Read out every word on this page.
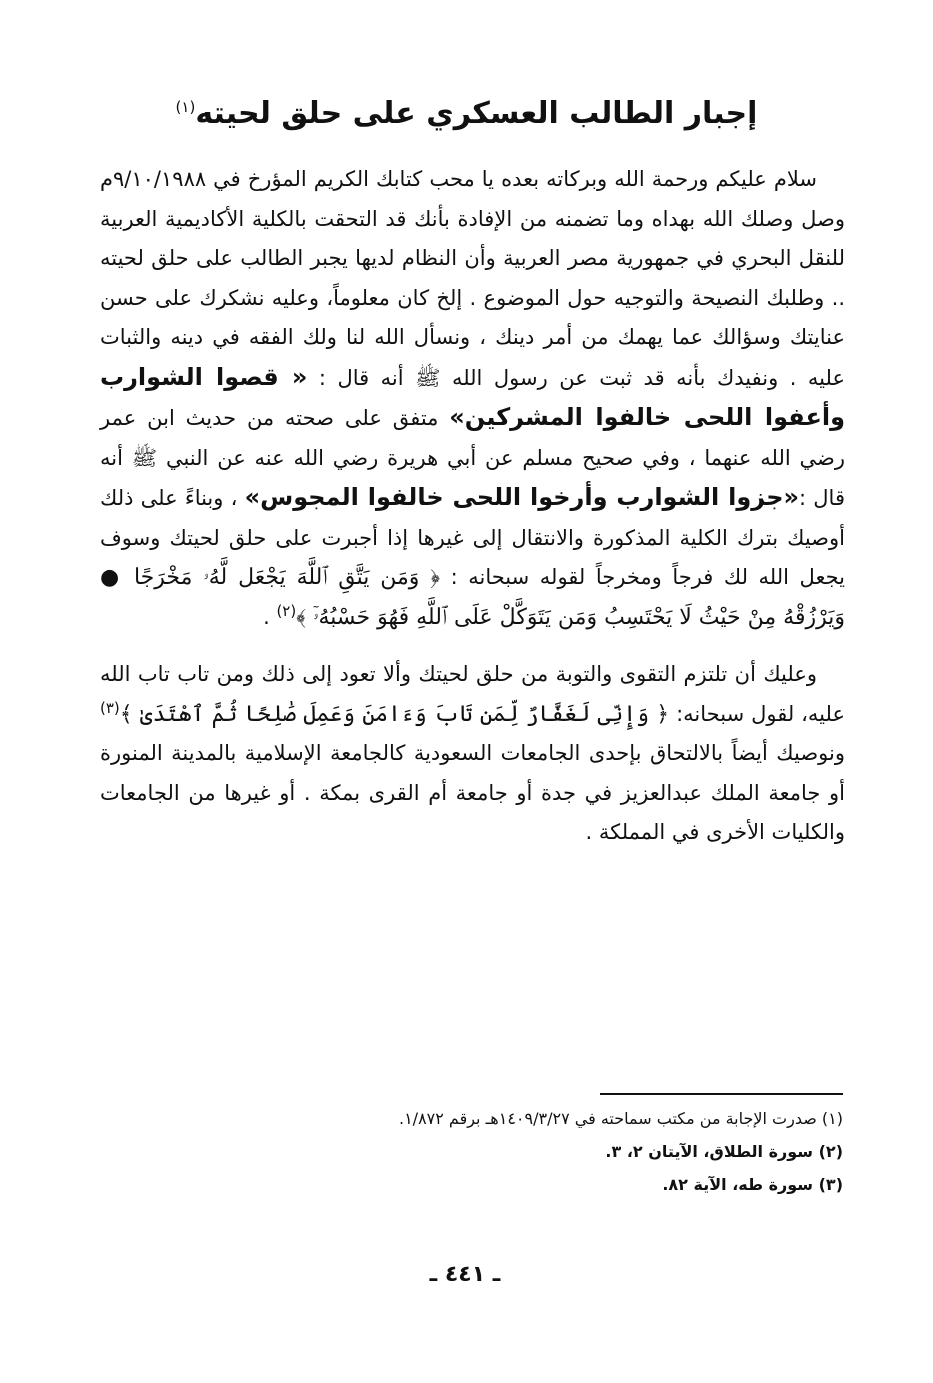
إجبار الطالب العسكري على حلق لحيته$^{(١)}$

سلام عليكم ورحمة الله وبركاته بعده يا محب كتابك الكريم المؤرخ في ٩/١٠/١٩٨٨م وصل وصلك الله بهداه وما تضمنه من الإفادة بأنك قد التحقت بالكلية الأكاديمية العربية للنقل البحري في جمهورية مصر العربية وأن النظام لديها يجبر الطالب على حلق لحيته .. وطلبك النصيحة والتوجيه حول الموضوع . إلخ كان معلوماً، وعليه نشكرك على حسن عنايتك وسؤالك عما يهمك من أمر دينك ، ونسأل الله لنا ولك الفقه في دينه والثبات عليه . ونفيدك بأنه قد ثبت عن رسول الله ﷺ أنه قال : « قصوا الشوارب وأعفوا اللحى خالفوا المشركين» متفق على صحته من حديث ابن عمر رضي الله عنهما ، وفي صحيح مسلم عن أبي هريرة رضي الله عنه عن النبي ﷺ أنه قال :«جزوا الشوارب وأرخوا اللحى خالفوا المجوس» ، وبناءً على ذلك أوصيك بترك الكلية المذكورة والانتقال إلى غيرها إذا أجبرت على حلق لحيتك وسوف يجعل الله لك فرجاً ومخرجاً لقوله سبحانه : ﴿ وَمَن يَتَّقِ ٱللَّهَ يَجْعَل لَّهُۥ مَخْرَجًا ● وَيَرْزُقْهُ مِنْ حَيْثُ لَا يَحْتَسِبُ وَمَن يَتَوَكَّلْ عَلَى ٱللَّهِ فَهُوَ حَسْبُهُۥٓ ﴾$^{(٢)}$ .

وعليك أن تلتزم التقوى والتوبة من حلق لحيتك وألا تعود إلى ذلك ومن تاب تاب الله عليه، لقول سبحانه: ﴿ وَإِنِّى لَغَفَّارٌ لِّمَن تَابَ وَءَامَنَ وَعَمِلَ صَٰلِحًا ثُمَّ ٱهْتَدَىٰ ﴾$^{(٣)}$ ونوصيك أيضاً بالالتحاق بإحدى الجامعات السعودية كالجامعة الإسلامية بالمدينة المنورة أو جامعة الملك عبدالعزيز في جدة أو جامعة أم القرى بمكة . أو غيرها من الجامعات والكليات الأخرى في المملكة .

(١) صدرت الإجابة من مكتب سماحته في ١٤٠٩/٣/٢٧هـ برقم ١/٨٧٢.
(٢) سورة الطلاق، الآيتان ٢، ٣.
(٣) سورة طه، الآية ٨٢.
ـ ٤٤١ ـ
